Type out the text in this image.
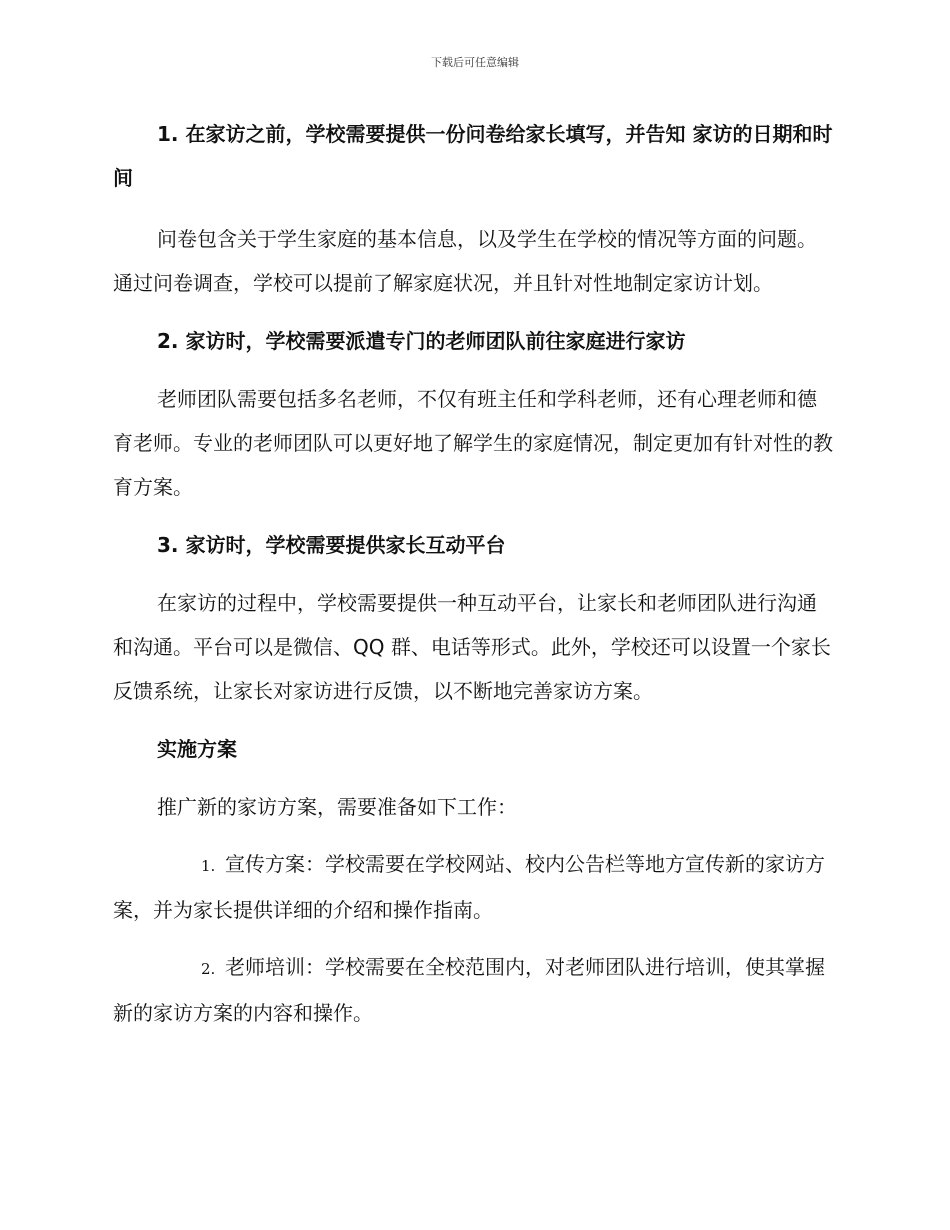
下载后可任意编辑

1. 在家访之前，学校需要提供一份问卷给家长填写，并告知 家访的日期和时间

问卷包含关于学生家庭的基本信息，以及学生在学校的情况等方面的问题。通过问卷调查，学校可以提前了解家庭状况，并且针对性地制定家访计划。

2. 家访时，学校需要派遣专门的老师团队前往家庭进行家访

老师团队需要包括多名老师，不仅有班主任和学科老师，还有心理老师和德育老师。专业的老师团队可以更好地了解学生的家庭情况，制定更加有针对性的教育方案。

3. 家访时，学校需要提供家长互动平台

在家访的过程中，学校需要提供一种互动平台，让家长和老师团队进行沟通和沟通。平台可以是微信、QQ 群、电话等形式。此外，学校还可以设置一个家长反馈系统，让家长对家访进行反馈，以不断地完善家访方案。

实施方案

推广新的家访方案，需要准备如下工作：

1. 宣传方案：学校需要在学校网站、校内公告栏等地方宣传新的家访方案，并为家长提供详细的介绍和操作指南。

2. 老师培训：学校需要在全校范围内，对老师团队进行培训，使其掌握新的家访方案的内容和操作。
